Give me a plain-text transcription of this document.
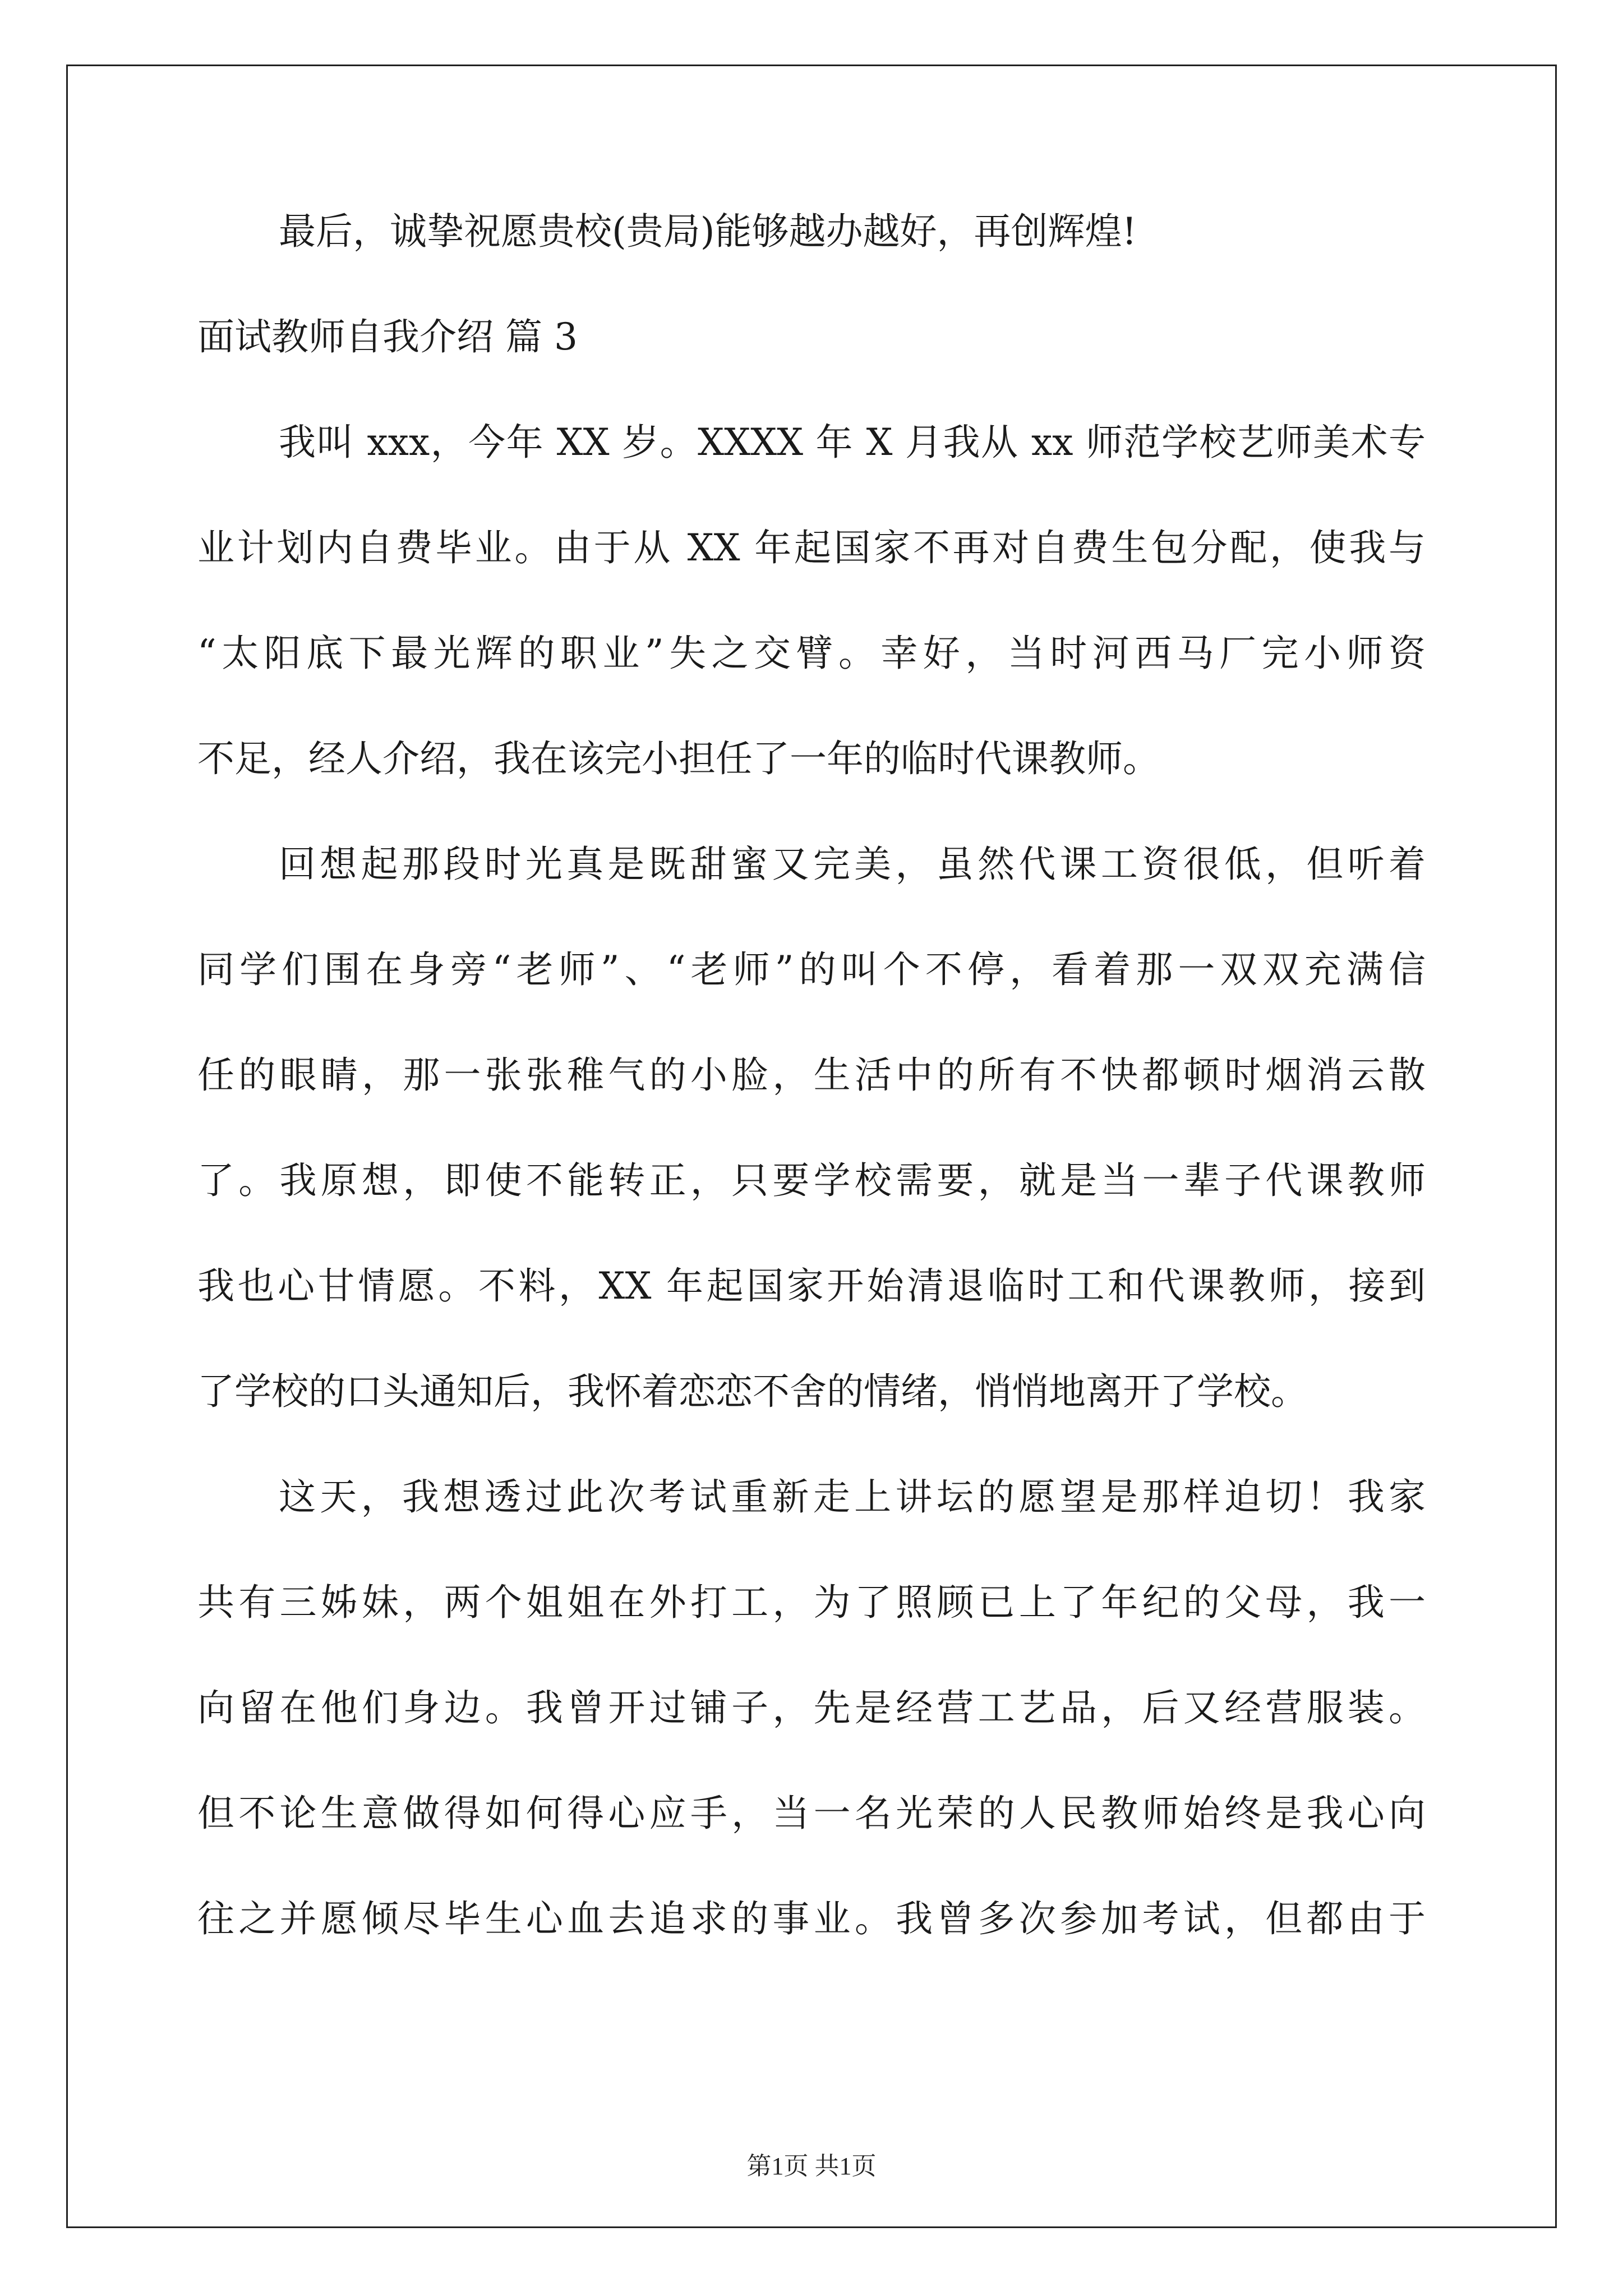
最后，诚挚祝愿贵校(贵局)能够越办越好，再创辉煌!
面试教师自我介绍 篇 3
我叫 xxx，今年 XX 岁。XXXX 年 X 月我从 xx 师范学校艺师美术专
业计划内自费毕业。由于从 XX 年起国家不再对自费生包分配，使我与
“太阳底下最光辉的职业”失之交臂。幸好，当时河西马厂完小师资
不足，经人介绍，我在该完小担任了一年的临时代课教师。
回想起那段时光真是既甜蜜又完美，虽然代课工资很低，但听着
同学们围在身旁“老师”、“老师”的叫个不停，看着那一双双充满信
任的眼睛，那一张张稚气的小脸，生活中的所有不快都顿时烟消云散
了。我原想，即使不能转正，只要学校需要，就是当一辈子代课教师
我也心甘情愿。不料，XX 年起国家开始清退临时工和代课教师，接到
了学校的口头通知后，我怀着恋恋不舍的情绪，悄悄地离开了学校。
这天，我想透过此次考试重新走上讲坛的愿望是那样迫切！我家
共有三姊妹，两个姐姐在外打工，为了照顾已上了年纪的父母，我一
向留在他们身边。我曾开过铺子，先是经营工艺品，后又经营服装。
但不论生意做得如何得心应手，当一名光荣的人民教师始终是我心向
往之并愿倾尽毕生心血去追求的事业。我曾多次参加考试，但都由于
第1页 共1页
